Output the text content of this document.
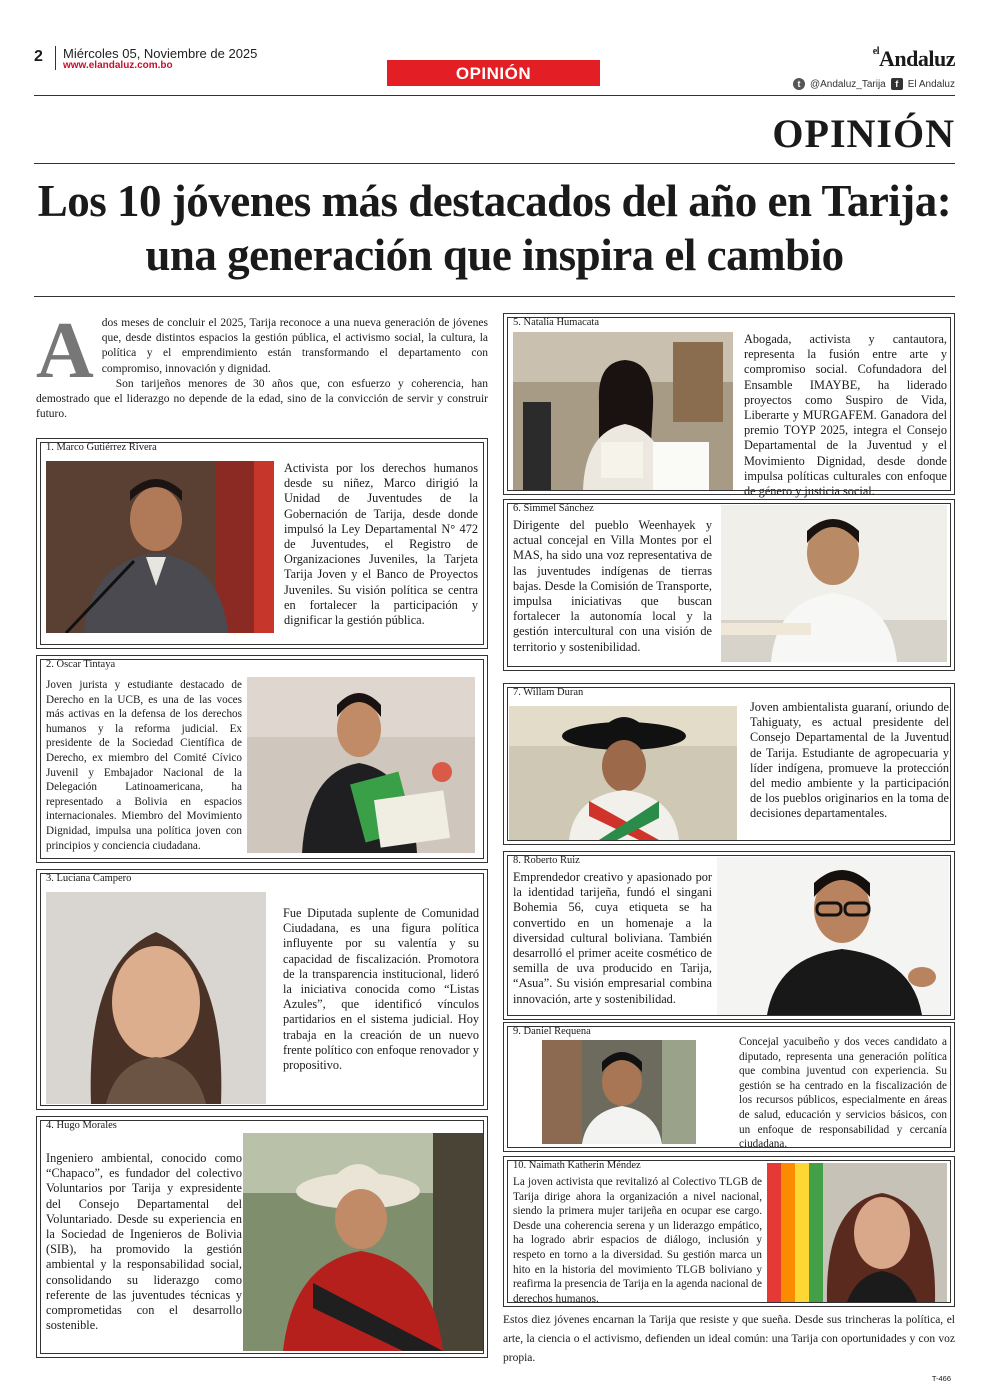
2 Miércoles 05, Noviembre de 2025
www.elandaluz.com.bo	OPINIÓN
$^{el}$Andaluz
t @Andaluz_Tarija	f El Andaluz
OPINIÓN
Los 10 jóvenes más destacados del año en Tarija: una generación que inspira el cambio
A dos meses de concluir el 2025, Tarija reconoce a una nueva generación de jóvenes que, desde distintos espacios la gestión pública, el activismo social, la cultura, la política y el emprendimiento están transformando el departamento con compromiso, innovación y dignidad.

Son tarijeños menores de 30 años que, con esfuerzo y coherencia, han demostrado que el liderazgo no depende de la edad, sino de la convicción de servir y construir futuro.

1. Marco Gutiérrez Rivera
Activista por los derechos humanos desde su niñez, Marco dirigió la Unidad de Juventudes de la Gobernación de Tarija, desde donde impulsó la Ley Departamental N° 472 de Juventudes, el Registro de Organizaciones Juveniles, la Tarjeta Tarija Joven y el Banco de Proyectos Juveniles. Su visión política se centra en fortalecer la participación y dignificar la gestión pública.
2. Oscar Tintaya
Joven jurista y estudiante destacado de Derecho en la UCB, es una de las voces más activas en la defensa de los derechos humanos y la reforma judicial. Ex presidente de la Sociedad Científica de Derecho, ex miembro del Comité Cívico Juvenil y Embajador Nacional de la Delegación Latinoamericana, ha representado a Bolivia en espacios internacionales. Miembro del Movimiento Dignidad, impulsa una política joven con principios y conciencia ciudadana.
3. Luciana Campero
Fue Diputada suplente de Comunidad Ciudadana, es una figura política influyente por su valentía y su capacidad de fiscalización. Promotora de la transparencia institucional, lideró la iniciativa conocida como “Listas Azules”, que identificó vínculos partidarios en el sistema judicial. Hoy trabaja en la creación de un nuevo frente político con enfoque renovador y propositivo.
4. Hugo Morales
Ingeniero ambiental, conocido como “Chapaco”, es fundador del colectivo Voluntarios por Tarija y expresidente del Consejo Departamental del Voluntariado. Desde su experiencia en la Sociedad de Ingenieros de Bolivia (SIB), ha promovido la gestión ambiental y la responsabilidad social, consolidando su liderazgo como referente de las juventudes técnicas y comprometidas con el desarrollo sostenible.
5. Natalia Humacata
Abogada, activista y cantautora, representa la fusión entre arte y compromiso social. Cofundadora del Ensamble IMAYBE, ha liderado proyectos como Suspiro de Vida, Liberarte y MURGAFEM. Ganadora del premio TOYP 2025, integra el Consejo Departamental de la Juventud y el Movimiento Dignidad, desde donde impulsa políticas culturales con enfoque de género y justicia social.
6. Simmel Sánchez
Dirigente del pueblo Weenhayek y actual concejal en Villa Montes por el MAS, ha sido una voz representativa de las juventudes indígenas de tierras bajas. Desde la Comisión de Transporte, impulsa iniciativas que buscan fortalecer la autonomía local y la gestión intercultural con una visión de territorio y sostenibilidad.
7. Willam Duran
Joven ambientalista guaraní, oriundo de Tahiguaty, es actual presidente del Consejo Departamental de la Juventud de Tarija. Estudiante de agropecuaria y líder indígena, promueve la protección del medio ambiente y la participación de los pueblos originarios en la toma de decisiones departamentales.
8. Roberto Ruiz
Emprendedor creativo y apasionado por la identidad tarijeña, fundó el singani Bohemia 56, cuya etiqueta se ha convertido en un homenaje a la diversidad cultural boliviana. También desarrolló el primer aceite cosmético de semilla de uva producido en Tarija, “Asua”. Su visión empresarial combina innovación, arte y sostenibilidad.
9. Daniel Requena
Concejal yacuibeño y dos veces candidato a diputado, representa una generación política que combina juventud con experiencia. Su gestión se ha centrado en la fiscalización de los recursos públicos, especialmente en áreas de salud, educación y servicios básicos, con un enfoque de responsabilidad y cercanía ciudadana.
10. Naimath Katherin Méndez
La joven activista que revitalizó al Colectivo TLGB de Tarija dirige ahora la organización a nivel nacional, siendo la primera mujer tarijeña en ocupar ese cargo. Desde una coherencia serena y un liderazgo empático, ha logrado abrir espacios de diálogo, inclusión y respeto en torno a la diversidad. Su gestión marca un hito en la historia del movimiento TLGB boliviano y reafirma la presencia de Tarija en la agenda nacional de derechos humanos.
Estos diez jóvenes encarnan la Tarija que resiste y que sueña. Desde sus trincheras la política, el arte, la ciencia o el activismo, defienden un ideal común: una Tarija con oportunidades y con voz propia.
T-466
